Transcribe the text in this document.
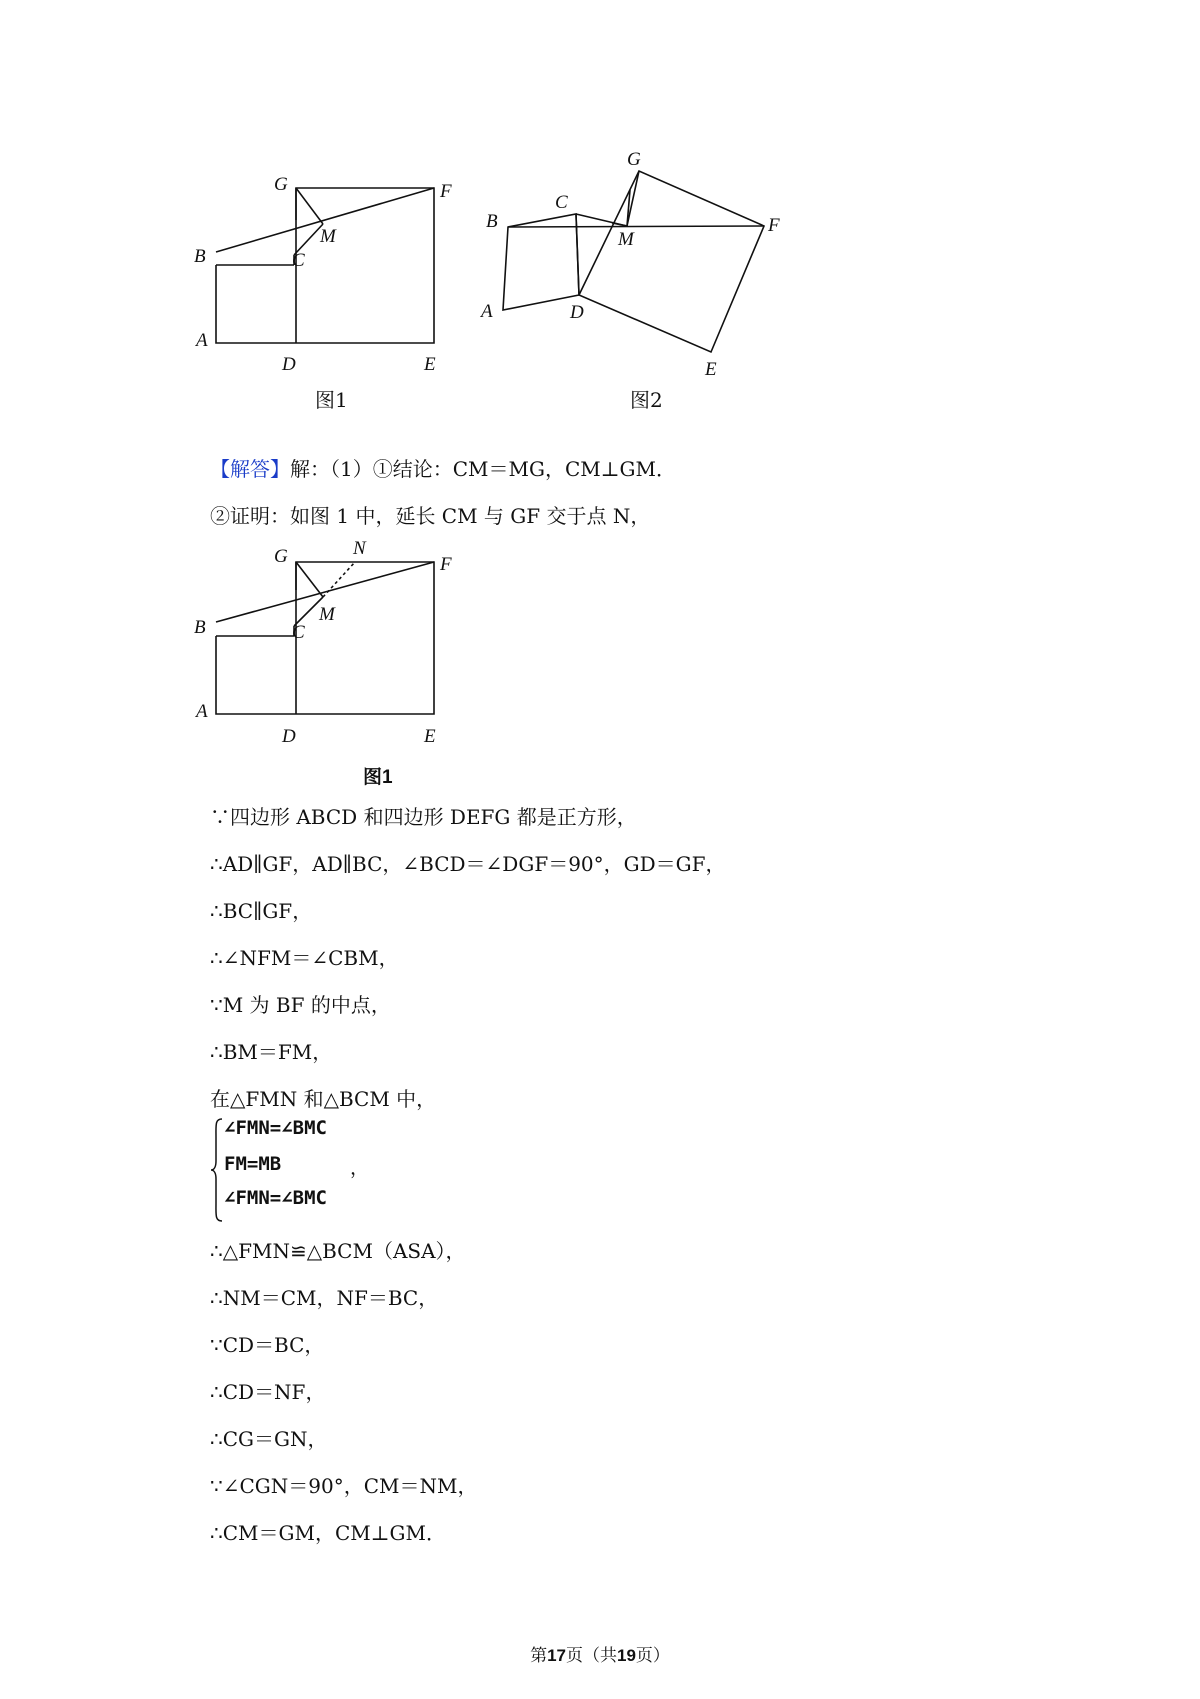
G	F
M
B	C
A
D	E
图1
G
C
B
M
F
A	D
E
图2
【解答】解：（1）①结论：CM＝MG，CM⊥GM．
②证明：如图 1 中，延长 CM 与 GF 交于点 N，
G	N
F
M
B	C
A
D	E
图1
∵四边形 ABCD 和四边形 DEFG 都是正方形，
∴AD∥GF，AD∥BC，∠BCD＝∠DGF＝90°，GD＝GF，
∴BC∥GF，
∴∠NFM＝∠CBM，
∵M 为 BF 的中点，
∴BM＝FM，
在△FMN 和△BCM 中，
∠FMN=∠BMC
FM=MB
∠FMN=∠BMC
，
∴△FMN≌△BCM（ASA），
∴NM＝CM，NF＝BC，
∵CD＝BC，
∴CD＝NF，
∴CG＝GN，
∵∠CGN＝90°，CM＝NM，
∴CM＝GM，CM⊥GM．
第17页（共19页）
